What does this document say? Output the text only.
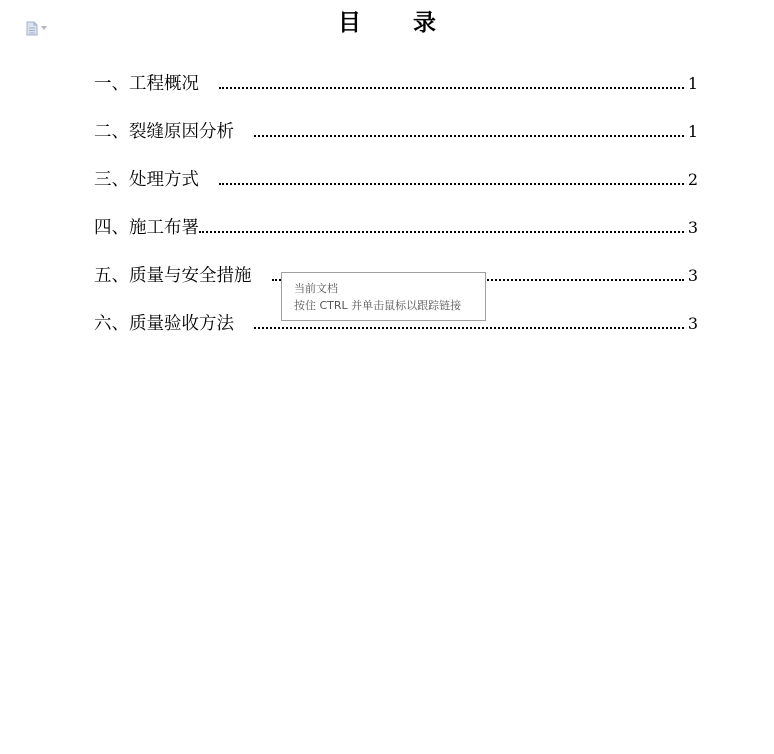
目 录
一、工程概况	1
二、裂缝原因分析	1
三、处理方式	2
四、施工布署	3
五、质量与安全措施	3
六、质量验收方法	3
当前文档
按住 CTRL 并单击鼠标以跟踪链接
